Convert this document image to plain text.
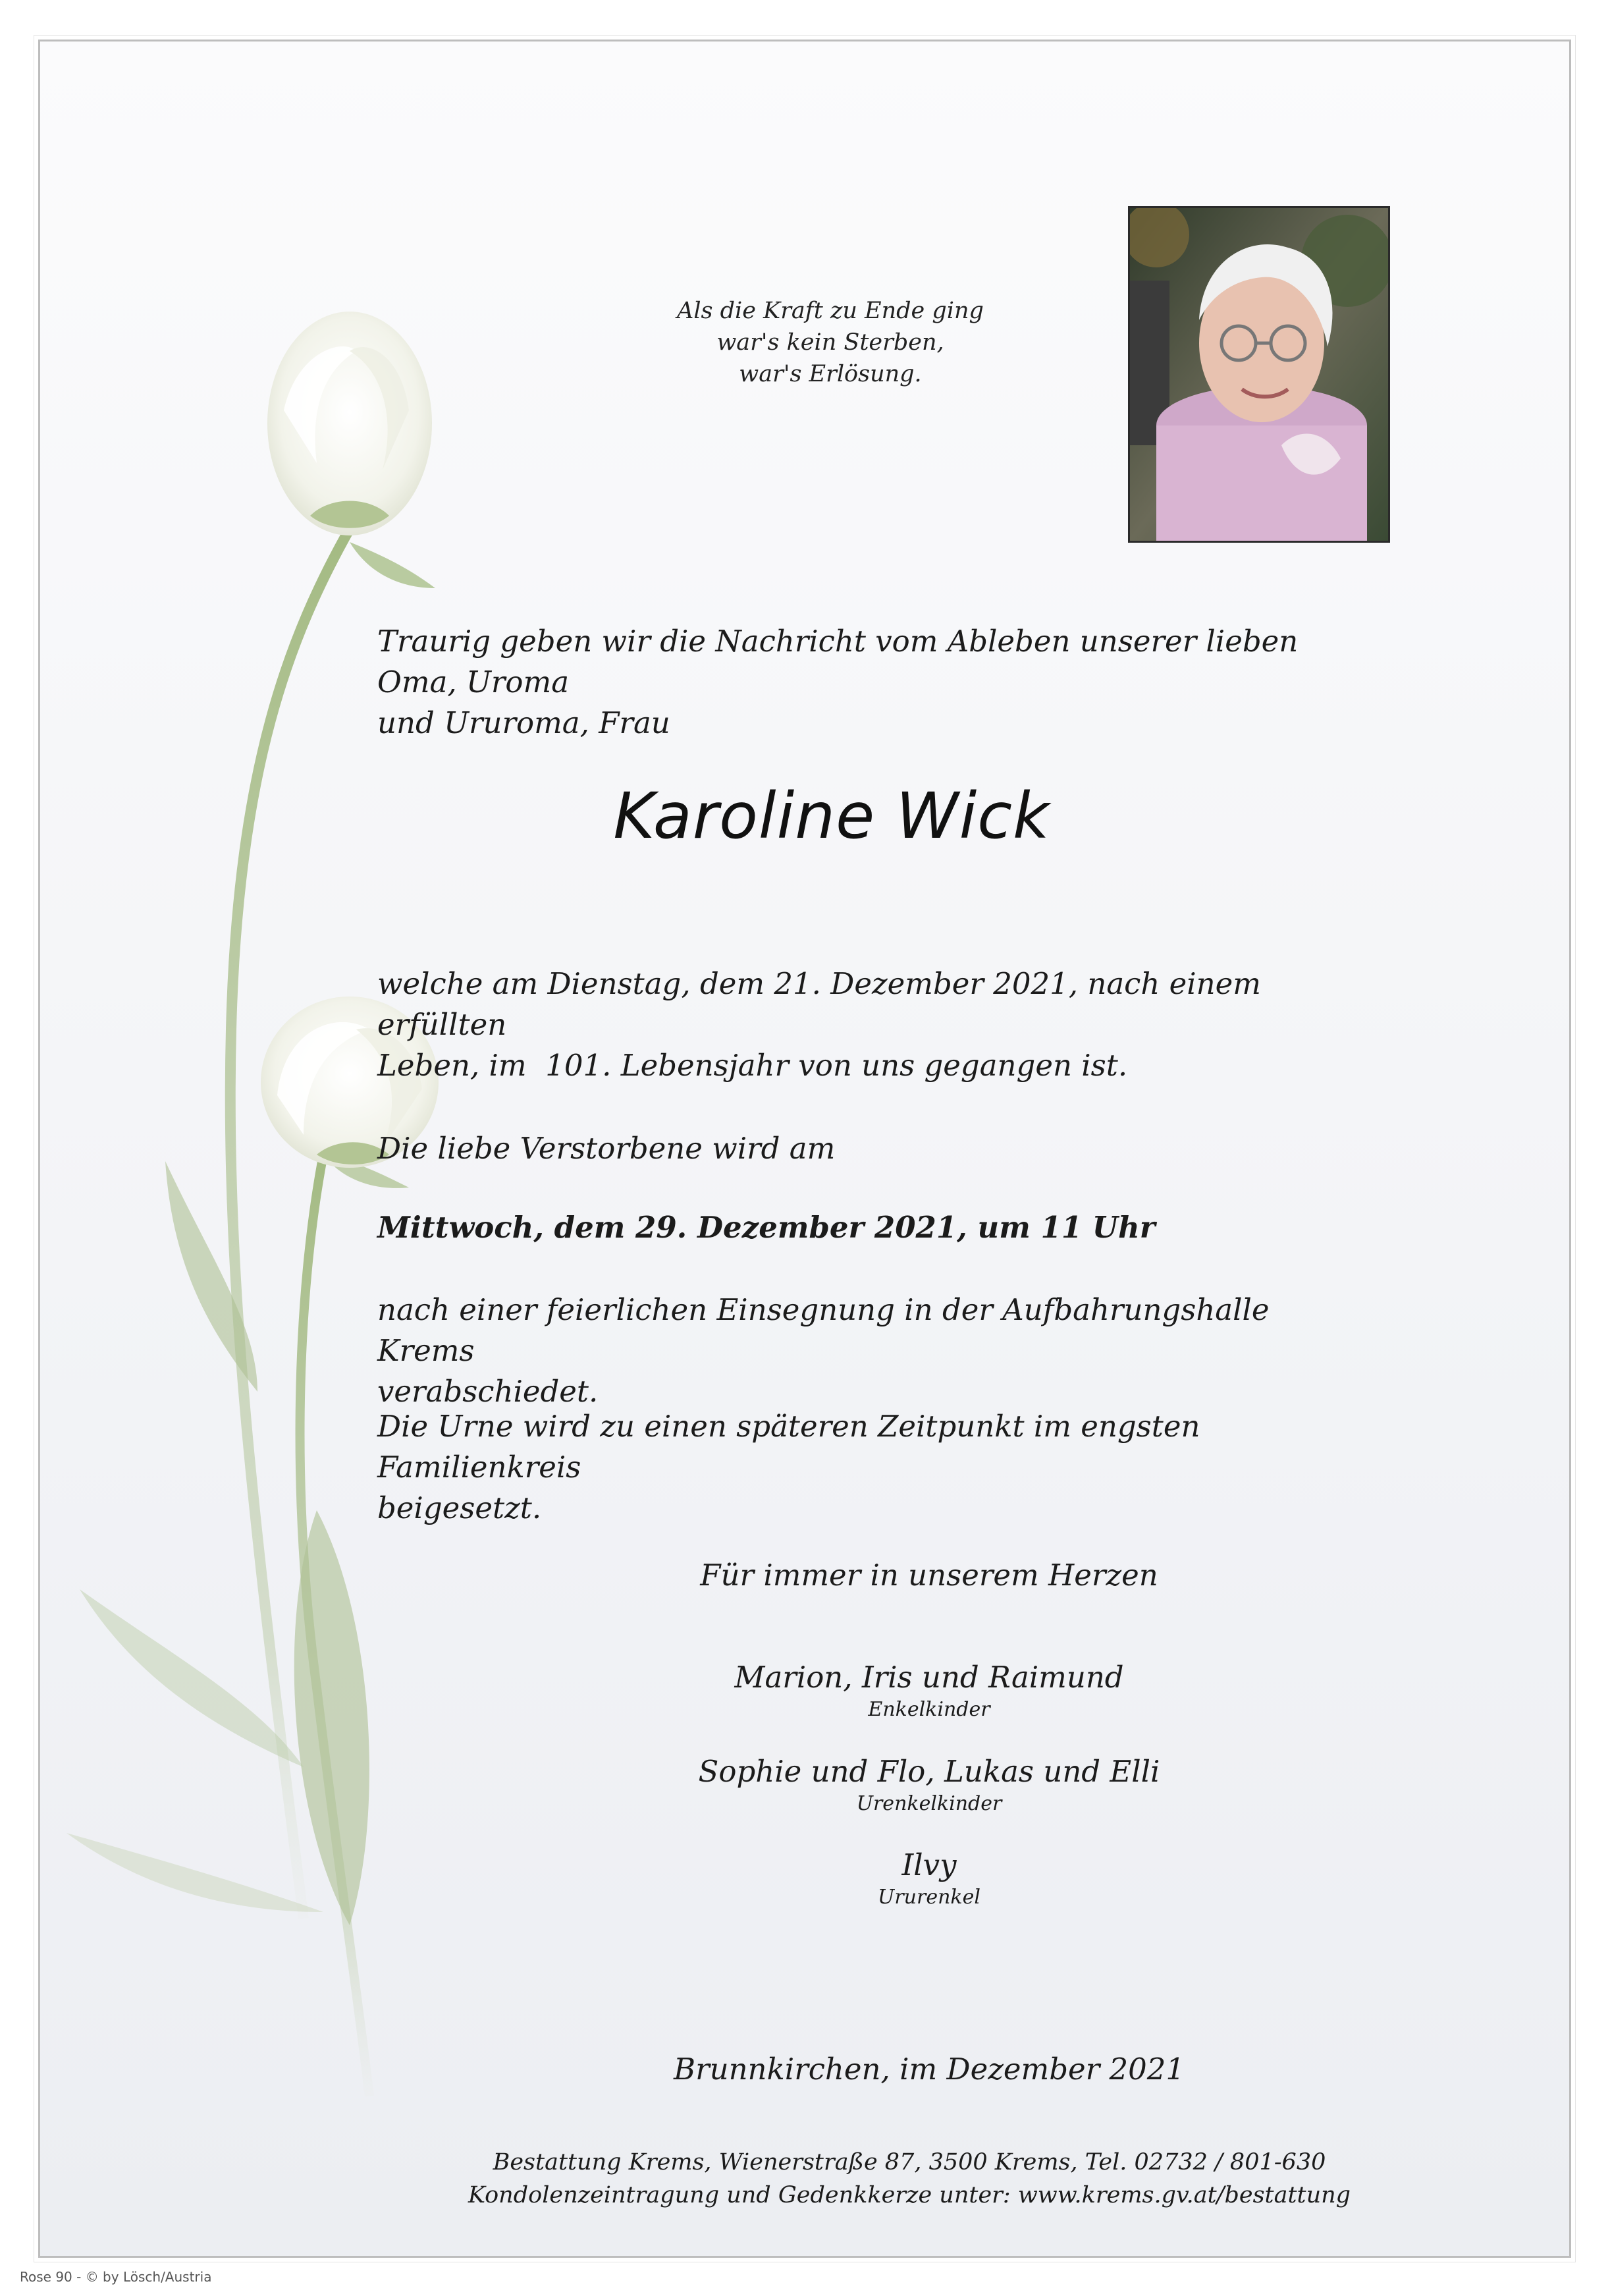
Als die Kraft zu Ende ging
war's kein Sterben,
war's Erlösung.
Traurig geben wir die Nachricht vom Ableben unserer lieben Oma, Uroma
und Ururoma, Frau
Karoline Wick
welche am Dienstag, dem 21. Dezember 2021, nach einem erfüllten
Leben, im  101. Lebensjahr von uns gegangen ist.
Die liebe Verstorbene wird am
Mittwoch, dem 29. Dezember 2021, um 11 Uhr
nach einer feierlichen Einsegnung in der Aufbahrungshalle Krems
verabschiedet.
Die Urne wird zu einen späteren Zeitpunkt im engsten Familienkreis
beigesetzt.
Für immer in unserem Herzen
Marion, Iris und Raimund
Enkelkinder
Sophie und Flo, Lukas und Elli
Urenkelkinder
Ilvy
Ururenkel
Brunnkirchen, im Dezember 2021
Bestattung Krems, Wienerstraße 87, 3500 Krems, Tel. 02732 / 801-630
Kondolenzeintragung und Gedenkkerze unter: www.krems.gv.at/bestattung
Rose 90 - © by Lösch/Austria
